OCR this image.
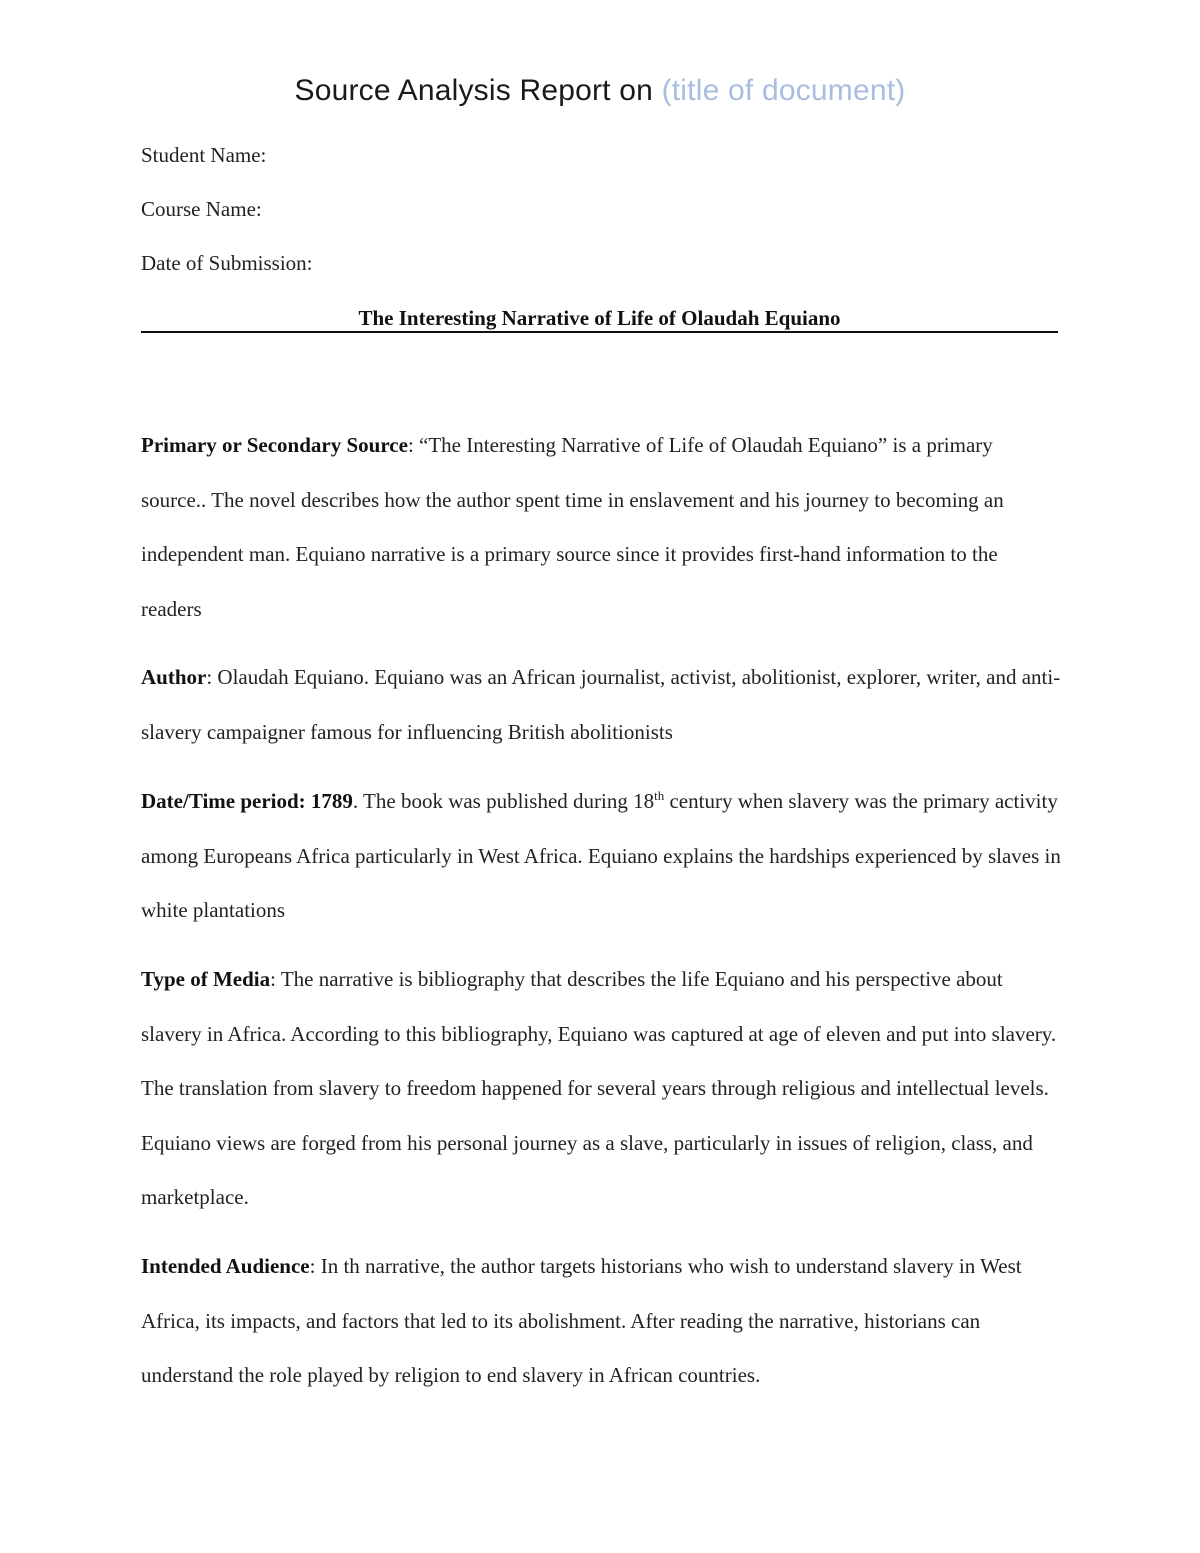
Source Analysis Report on (title of document)
Student Name:
Course Name:
Date of Submission:
The Interesting Narrative of Life of Olaudah Equiano
Primary or Secondary Source: “The Interesting Narrative of Life of Olaudah Equiano” is a primary source.. The novel describes how the author spent time in enslavement and his journey to becoming an independent man. Equiano narrative is a primary source since it provides first-hand information to the readers
Author: Olaudah Equiano. Equiano was an African journalist, activist, abolitionist, explorer, writer, and anti-slavery campaigner famous for influencing British abolitionists
Date/Time period: 1789. The book was published during 18th century when slavery was the primary activity among Europeans Africa particularly in West Africa. Equiano explains the hardships experienced by slaves in white plantations
Type of Media: The narrative is bibliography that describes the life Equiano and his perspective about slavery in Africa. According to this bibliography, Equiano was captured at age of eleven and put into slavery. The translation from slavery to freedom happened for several years through religious and intellectual levels. Equiano views are forged from his personal journey as a slave, particularly in issues of religion, class, and marketplace.
Intended Audience: In th narrative, the author targets historians who wish to understand slavery in West Africa, its impacts, and factors that led to its abolishment. After reading the narrative, historians can understand the role played by religion to end slavery in African countries.
